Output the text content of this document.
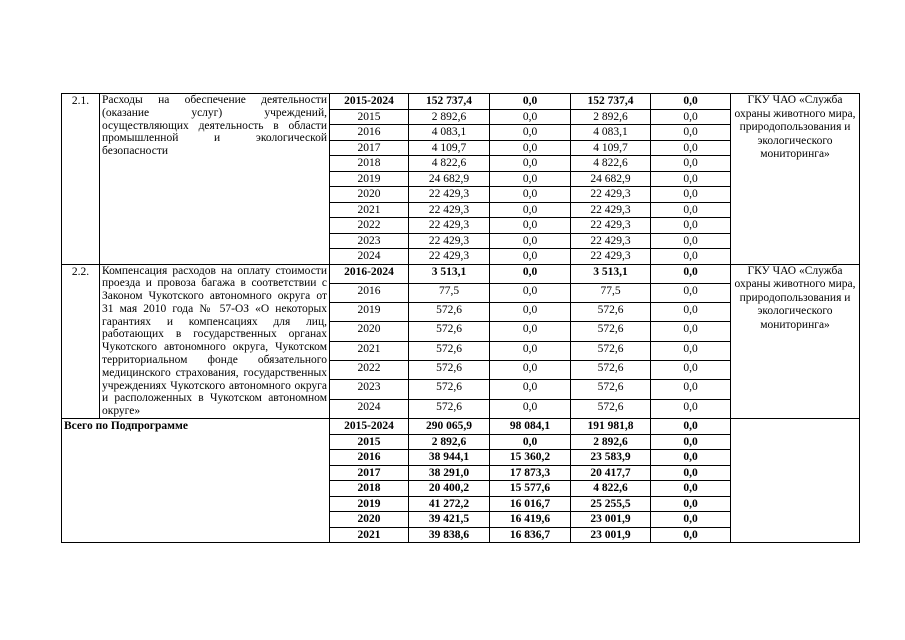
2.1.	Расходы на обеспечение деятельности (оказание услуг) учреждений, осуществляющих деятельность в области промышленной и экологической безопасности	2015-2024	152 737,4	0,0	152 737,4	0,0	ГКУ ЧАО «Служба охраны животного мира, природопользования и экологического мониторинга»
		2015	2 892,6	0,0	2 892,6	0,0	
		2016	4 083,1	0,0	4 083,1	0,0	
		2017	4 109,7	0,0	4 109,7	0,0	
		2018	4 822,6	0,0	4 822,6	0,0	
		2019	24 682,9	0,0	24 682,9	0,0	
		2020	22 429,3	0,0	22 429,3	0,0	
		2021	22 429,3	0,0	22 429,3	0,0	
		2022	22 429,3	0,0	22 429,3	0,0	
		2023	22 429,3	0,0	22 429,3	0,0	
		2024	22 429,3	0,0	22 429,3	0,0	
2.2.	Компенсация расходов на оплату стоимости проезда и провоза багажа в соответствии с Законом Чукотского автономного округа от 31 мая 2010 года № 57-ОЗ «О некоторых гарантиях и компенсациях для лиц, работающих в государственных органах Чукотского автономного округа, Чукотском территориальном фонде обязательного медицинского страхования, государственных учреждениях Чукотского автономного округа и расположенных в Чукотском автономном округе»	2016-2024	3 513,1	0,0	3 513,1	0,0	ГКУ ЧАО «Служба охраны животного мира, природопользования и экологического мониторинга»
		2016	77,5	0,0	77,5	0,0	
		2019	572,6	0,0	572,6	0,0	
		2020	572,6	0,0	572,6	0,0	
		2021	572,6	0,0	572,6	0,0	
		2022	572,6	0,0	572,6	0,0	
		2023	572,6	0,0	572,6	0,0	
		2024	572,6	0,0	572,6	0,0	
Всего по Подпрограмме		2015-2024	290 065,9	98 084,1	191 981,8	0,0	
		2015	2 892,6	0,0	2 892,6	0,0	
		2016	38 944,1	15 360,2	23 583,9	0,0	
		2017	38 291,0	17 873,3	20 417,7	0,0	
		2018	20 400,2	15 577,6	4 822,6	0,0	
		2019	41 272,2	16 016,7	25 255,5	0,0	
		2020	39 421,5	16 419,6	23 001,9	0,0	
		2021	39 838,6	16 836,7	23 001,9	0,0	
